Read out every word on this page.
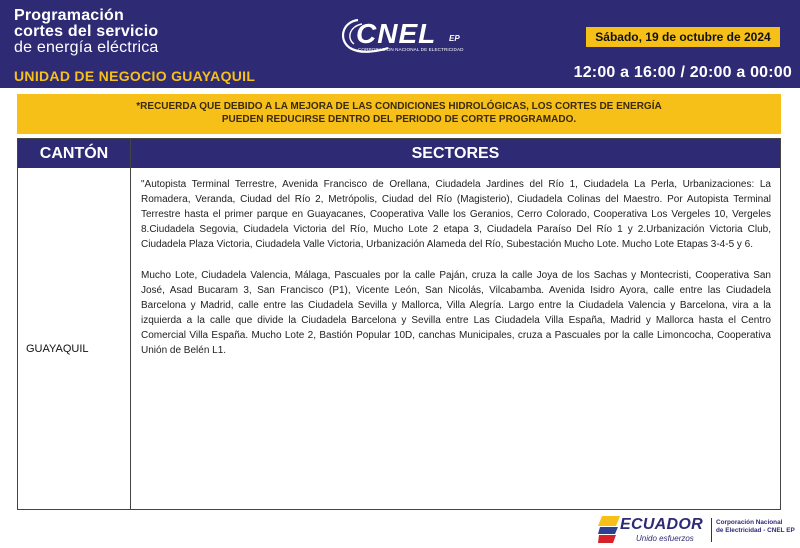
Programación
cortes del servicio
de energía eléctrica
UNIDAD DE NEGOCIO GUAYAQUIL
CNEL EP
CORPORACIÓN NACIONAL DE ELECTRICIDAD
Sábado, 19 de octubre de 2024
12:00 a 16:00 / 20:00 a 00:00
*RECUERDA QUE DEBIDO A LA MEJORA DE LAS CONDICIONES HIDROLÓGICAS, LOS CORTES DE ENERGÍA
PUEDEN REDUCIRSE DENTRO DEL PERIODO DE CORTE PROGRAMADO.
CANTÓN	SECTORES
GUAYAQUIL

"Autopista Terminal Terrestre, Avenida Francisco de Orellana, Ciudadela Jardines del Río 1, Ciudadela La Perla, Urbanizaciones: La Romadera, Veranda, Ciudad del Río 2, Metrópolis, Ciudad del Río (Magisterio), Ciudadela Colinas del Maestro. Por Autopista Terminal Terrestre hasta el primer parque en Guayacanes, Cooperativa Valle los Geranios, Cerro Colorado, Cooperativa Los Vergeles 10, Vergeles 8.Ciudadela Segovia, Ciudadela Victoria del Río, Mucho Lote 2 etapa 3, Ciudadela Paraíso Del Río 1 y 2.Urbanización Victoria Club, Ciudadela Plaza Victoria, Ciudadela Valle Victoria, Urbanización Alameda del Río, Subestación Mucho Lote. Mucho Lote Etapas 3-4-5 y 6.

Mucho Lote, Ciudadela Valencia, Málaga, Pascuales por la calle Paján, cruza la calle Joya de los Sachas y Montecristi, Cooperativa San José, Asad Bucaram 3, San Francisco (P1), Vicente León, San Nicolás, Vilcabamba. Avenida Isidro Ayora, calle entre las Ciudadela Barcelona y Madrid, calle entre las Ciudadela Sevilla y Mallorca, Villa Alegría. Largo entre la Ciudadela Valencia y Barcelona, vira a la izquierda a la calle que divide la Ciudadela Barcelona y Sevilla entre Las Ciudadela Villa España, Madrid y Mallorca hasta el Centro Comercial Villa España. Mucho Lote 2, Bastión Popular 10D, canchas Municipales, cruza a Pascuales por la calle Limoncocha, Cooperativa Unión de Belén L1.

ECUADOR
Unido esfuerzos
Corporación Nacional
de Electricidad - CNEL EP
